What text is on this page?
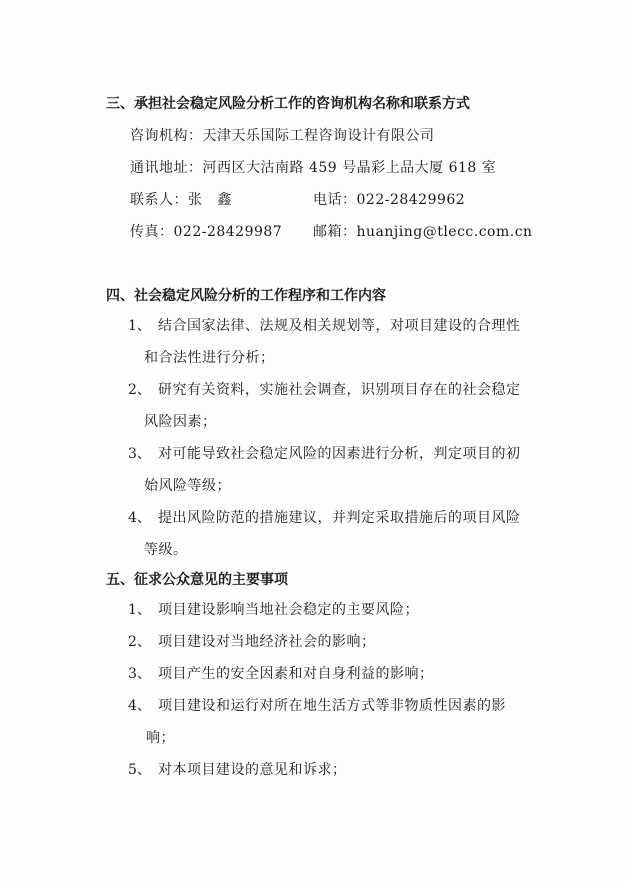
三、承担社会稳定风险分析工作的咨询机构名称和联系方式
咨询机构：天津天乐国际工程咨询设计有限公司
通讯地址：河西区大沽南路 459 号晶彩上品大厦 618 室
联系人：张   鑫	电话：022-28429962
传真：022-28429987 邮箱：huanjing@tlecc.com.cn
四、社会稳定风险分析的工作程序和工作内容
1、 结合国家法律、法规及相关规划等，对项目建设的合理性
和合法性进行分析；
2、 研究有关资料，实施社会调查，识别项目存在的社会稳定
风险因素；
3、 对可能导致社会稳定风险的因素进行分析，判定项目的初
始风险等级；
4、 提出风险防范的措施建议，并判定采取措施后的项目风险
等级。
五、征求公众意见的主要事项
1、 项目建设影响当地社会稳定的主要风险；
2、 项目建设对当地经济社会的影响；
3、 项目产生的安全因素和对自身利益的影响；
4、 项目建设和运行对所在地生活方式等非物质性因素的影
响；
5、 对本项目建设的意见和诉求；
